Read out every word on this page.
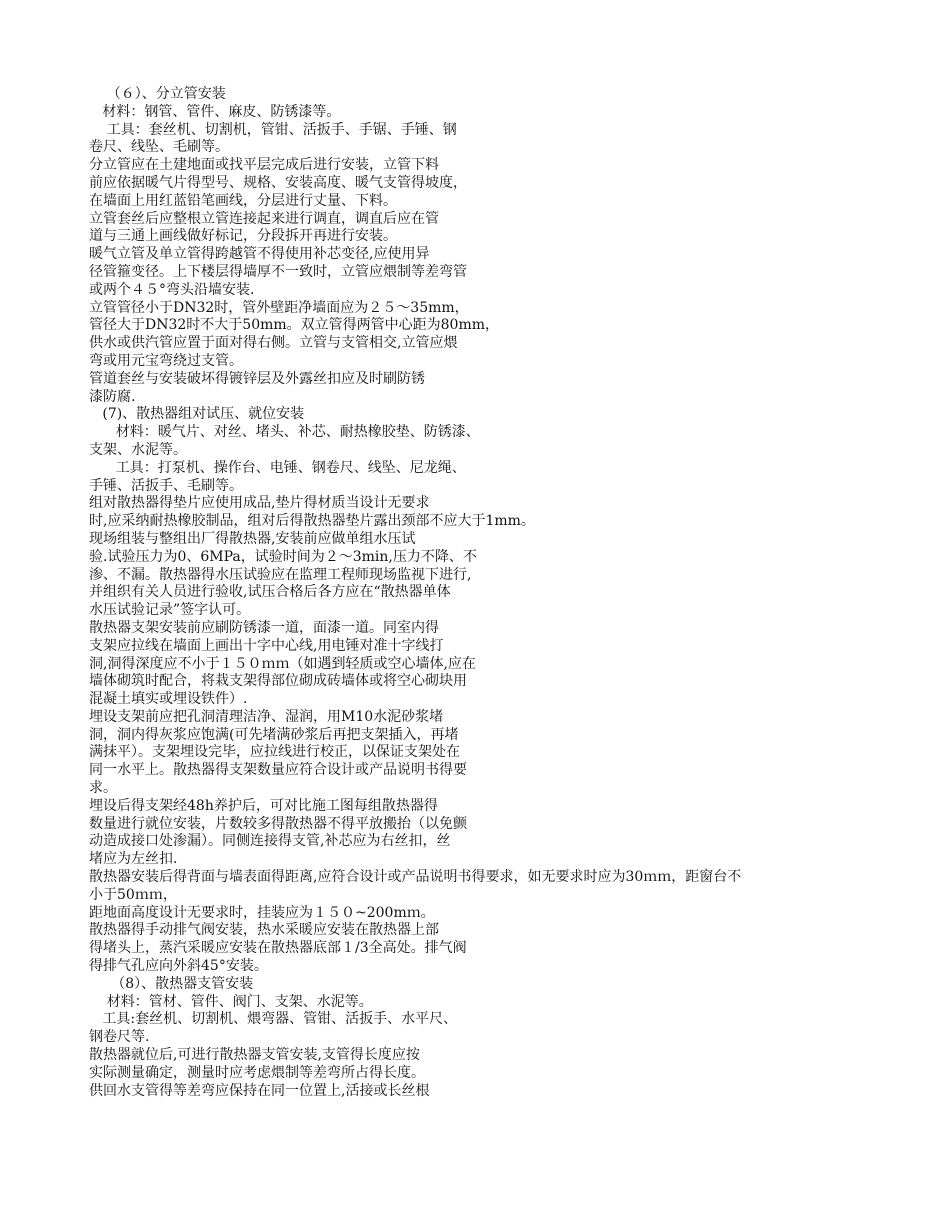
（６）、分立管安装
材料：钢管、管件、麻皮、防锈漆等。
工具：套丝机、切割机，管钳、活扳手、手锯、手锤、钢
卷尺、线坠、毛刷等。
分立管应在土建地面或找平层完成后进行安装，立管下料
前应依据暖气片得型号、规格、安装高度、暖气支管得坡度，
在墙面上用红蓝铅笔画线，分层进行丈量、下料。
立管套丝后应整根立管连接起来进行调直，调直后应在管
道与三通上画线做好标记，分段拆开再进行安装。
暖气立管及单立管得跨越管不得使用补芯变径,应使用异
径管箍变径。上下楼层得墙厚不一致时，立管应煨制等差弯管
或两个４５°弯头沿墙安装.
立管管径小于DN32时，管外壁距净墙面应为２５～35mm，
管径大于DN32时不大于50mm。双立管得两管中心距为80mm，
供水或供汽管应置于面对得右侧。立管与支管相交,立管应煨
弯或用元宝弯绕过支管。
管道套丝与安装破坏得镀锌层及外露丝扣应及时刷防锈
漆防腐.
(7)、散热器组对试压、就位安装
材料：暖气片、对丝、堵头、补芯、耐热橡胶垫、防锈漆、
支架、水泥等。
工具：打泵机、操作台、电锤、钢卷尺、线坠、尼龙绳、
手锤、活扳手、毛刷等。
组对散热器得垫片应使用成品,垫片得材质当设计无要求
时,应采纳耐热橡胶制品，组对后得散热器垫片露出颈部不应大于1mm。
现场组装与整组出厂得散热器,安装前应做单组水压试
验.试验压力为0、6MPa，试验时间为２～3min,压力不降、不
渗、不漏。散热器得水压试验应在监理工程师现场监视下进行,
并组织有关人员进行验收,试压合格后各方应在“散热器单体
水压试验记录”签字认可。
散热器支架安装前应刷防锈漆一道，面漆一道。同室内得
支架应拉线在墙面上画出十字中心线,用电锤对准十字线打
洞,洞得深度应不小于１５０ｍｍ（如遇到轻质或空心墙体,应在
墙体砌筑时配合，将栽支架得部位砌成砖墙体或将空心砌块用
混凝土填实或埋设铁件）.
埋设支架前应把孔洞清理洁净、湿润，用M10水泥砂浆堵
洞，洞内得灰浆应饱满(可先堵满砂浆后再把支架插入，再堵
满抹平）。支架埋设完毕，应拉线进行校正，以保证支架处在
同一水平上。散热器得支架数量应符合设计或产品说明书得要
求。
埋设后得支架经48h养护后，可对比施工图每组散热器得
数量进行就位安装，片数较多得散热器不得平放搬抬（以免颤
动造成接口处渗漏）。同侧连接得支管,补芯应为右丝扣，丝
堵应为左丝扣.
散热器安装后得背面与墙表面得距离,应符合设计或产品说明书得要求，如无要求时应为30ｍｍ，距窗台不
小于50ｍｍ，
距地面高度设计无要求时，挂装应为１５０~200mｍ。
散热器得手动排气阀安装，热水采暖应安装在散热器上部
得堵头上，蒸汽采暖应安装在散热器底部１/3全高处。排气阀
得排气孔应向外斜45°安装。
（8）、散热器支管安装
材料：管材、管件、阀门、支架、水泥等。
工具:套丝机、切割机、煨弯器、管钳、活扳手、水平尺、
钢卷尺等.
散热器就位后,可进行散热器支管安装,支管得长度应按
实际测量确定，测量时应考虑煨制等差弯所占得长度。
供回水支管得等差弯应保持在同一位置上,活接或长丝根
